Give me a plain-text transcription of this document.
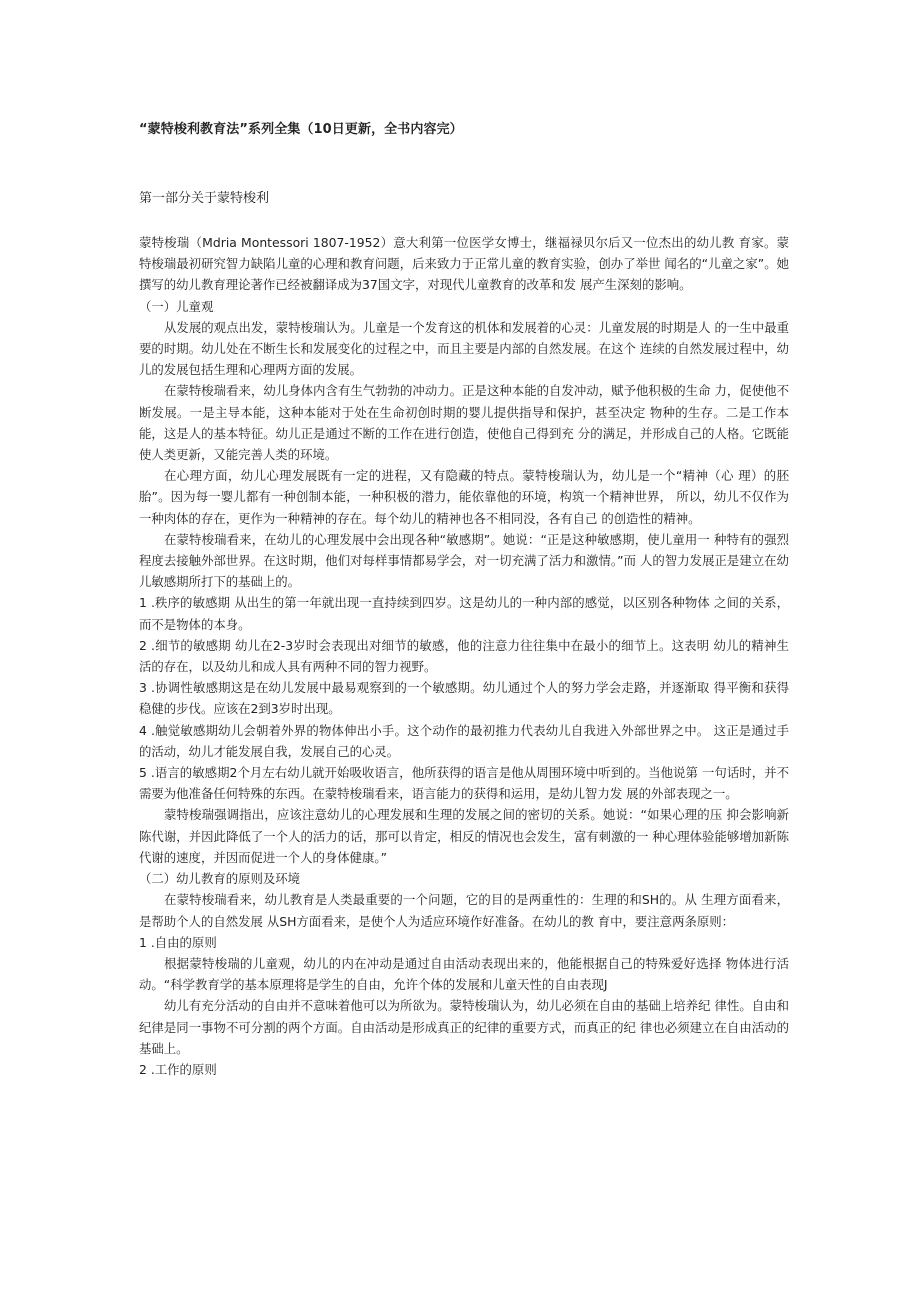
“蒙特梭利教育法”系列全集（10日更新，全书内容完）
第一部分关于蒙特梭利

蒙特梭瑞（Mdria Montessori 1807-1952）意大利第一位医学女博士，继福禄贝尔后又一位杰出的幼儿教 育家。蒙特梭瑞最初研究智力缺陷儿童的心理和教育问题，后来致力于正常儿童的教育实验，创办了举世 闻名的“儿童之家”。她撰写的幼儿教育理论著作已经被翻译成为37国文字，对现代儿童教育的改革和发 展产生深刻的影响。

（一）儿童观

从发展的观点出发，蒙特梭瑞认为。儿童是一个发育这的机体和发展着的心灵：儿童发展的时期是人 的一生中最重要的时期。幼儿处在不断生长和发展变化的过程之中，而且主要是内部的自然发展。在这个 连续的自然发展过程中，幼儿的发展包括生理和心理两方面的发展。

在蒙特梭瑞看来，幼儿身体内含有生气勃勃的冲动力。正是这种本能的自发冲动，赋予他积极的生命 力，促使他不断发展。一是主导本能，这种本能对于处在生命初创时期的婴儿提供指导和保护，甚至决定 物种的生存。二是工作本能，这是人的基本特征。幼儿正是通过不断的工作在进行创造，使他自己得到充 分的满足，并形成自己的人格。它既能使人类更新，又能完善人类的环境。

在心理方面，幼儿心理发展既有一定的进程，又有隐藏的特点。蒙特梭瑞认为，幼儿是一个“精神（心 理）的胚胎”。因为每一婴儿都有一种创制本能，一种积极的潜力，能依靠他的环境，构筑一个精神世界， 所以，幼儿不仅作为一种肉体的存在，更作为一种精神的存在。每个幼儿的精神也各不相同没，各有自己 的创造性的精神。

在蒙特梭瑞看来，在幼儿的心理发展中会出现各种“敏感期”。她说：“正是这种敏感期，使儿童用一 种特有的强烈程度去接触外部世界。在这时期，他们对每样事情都易学会，对一切充满了活力和激情。”而 人的智力发展正是建立在幼儿敏感期所打下的基础上的。

1 .秩序的敏感期 从出生的第一年就出现一直持续到四岁。这是幼儿的一种内部的感觉，以区别各种物体 之间的关系，而不是物体的本身。

2 .细节的敏感期 幼儿在2-3岁时会表现出对细节的敏感，他的注意力往往集中在最小的细节上。这表明 幼儿的精神生活的存在，以及幼儿和成人具有两种不同的智力视野。

3 .协调性敏感期这是在幼儿发展中最易观察到的一个敏感期。幼儿通过个人的努力学会走路，并逐渐取 得平衡和获得稳健的步伐。应该在2到3岁时出现。

4 .触觉敏感期幼儿会朝着外界的物体伸出小手。这个动作的最初推力代表幼儿自我进入外部世界之中。 这正是通过手的活动，幼儿才能发展自我，发展自己的心灵。

5 .语言的敏感期2个月左右幼儿就开始吸收语言，他所获得的语言是他从周围环境中听到的。当他说第 一句话时，并不需要为他准备任何特殊的东西。在蒙特梭瑞看来，语言能力的获得和运用，是幼儿智力发 展的外部表现之一。

蒙特梭瑞强调指出，应该注意幼儿的心理发展和生理的发展之间的密切的关系。她说：“如果心理的压 抑会影响新陈代谢，并因此降低了一个人的活力的话，那可以肯定，相反的情况也会发生，富有刺激的一 种心理体验能够增加新陈代谢的速度，并因而促进一个人的身体健康。”

（二）幼儿教育的原则及环境

在蒙特梭瑞看来，幼儿教育是人类最重要的一个问题，它的目的是两重性的：生理的和SH的。从 生理方面看来，是帮助个人的自然发展 从SH方面看来，是使个人为适应环境作好准备。在幼儿的教 育中，要注意两条原则：

1 .自由的原则

根据蒙特梭瑞的儿童观，幼儿的内在冲动是通过自由活动表现出来的，他能根据自己的特殊爱好选择 物体进行活动。“科学教育学的基本原理将是学生的自由，允许个体的发展和儿童天性的自由表现J

幼儿有充分活动的自由并不意味着他可以为所欲为。蒙特梭瑞认为，幼儿必须在自由的基础上培养纪 律性。自由和纪律是同一事物不可分割的两个方面。自由活动是形成真正的纪律的重要方式，而真正的纪 律也必须建立在自由活动的基础上。

2 .工作的原则
